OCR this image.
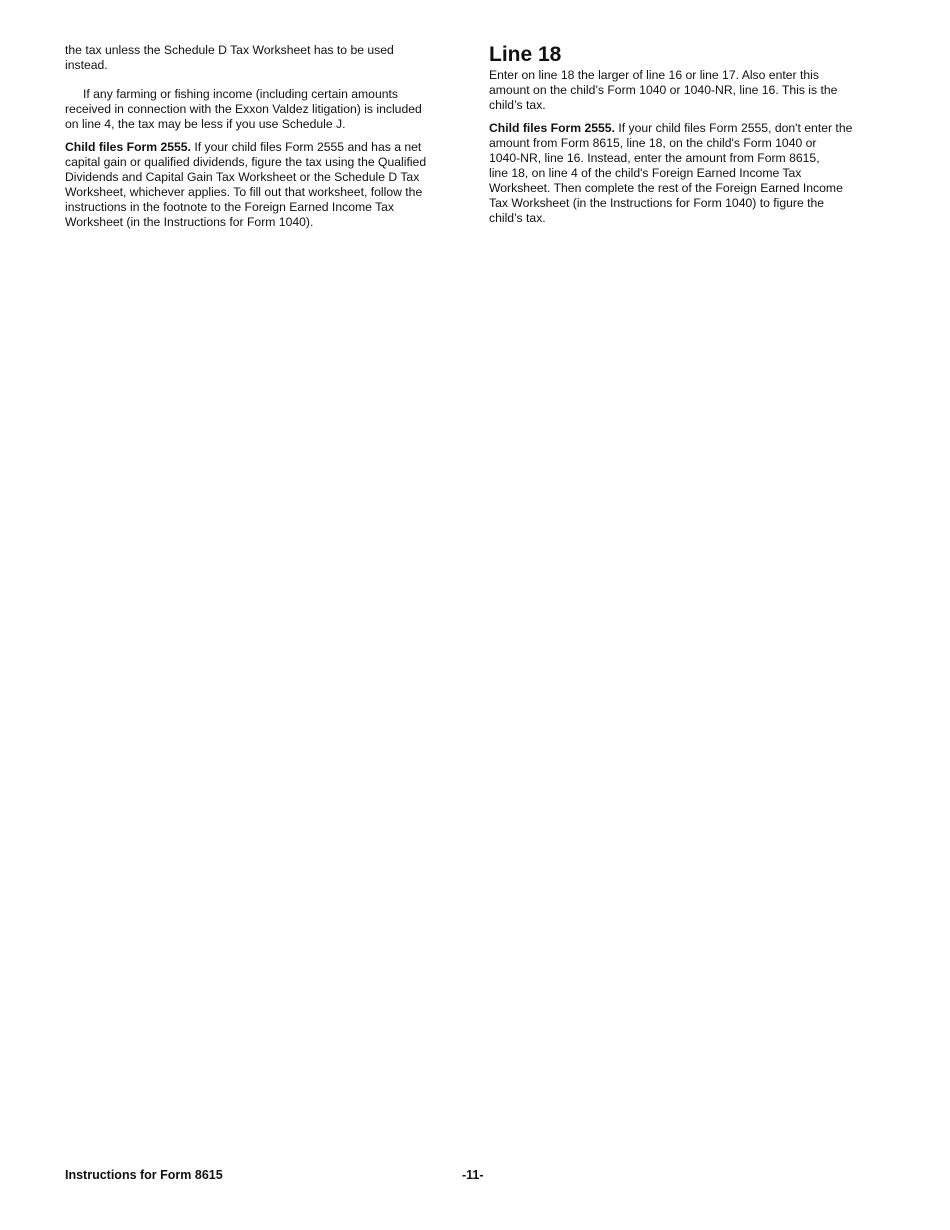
the tax unless the Schedule D Tax Worksheet has to be used
instead.
If any farming or fishing income (including certain amounts
received in connection with the Exxon Valdez litigation) is included
on line 4, the tax may be less if you use Schedule J.
Child files Form 2555. If your child files Form 2555 and has a net
capital gain or qualified dividends, figure the tax using the Qualified
Dividends and Capital Gain Tax Worksheet or the Schedule D Tax
Worksheet, whichever applies. To fill out that worksheet, follow the
instructions in the footnote to the Foreign Earned Income Tax
Worksheet (in the Instructions for Form 1040).
Line 18
Enter on line 18 the larger of line 16 or line 17. Also enter this
amount on the child’s Form 1040 or 1040-NR, line 16. This is the
child’s tax.
Child files Form 2555. If your child files Form 2555, don't enter the
amount from Form 8615, line 18, on the child's Form 1040 or
1040-NR, line 16. Instead, enter the amount from Form 8615,
line 18, on line 4 of the child's Foreign Earned Income Tax
Worksheet. Then complete the rest of the Foreign Earned Income
Tax Worksheet (in the Instructions for Form 1040) to figure the
child’s tax.
Instructions for Form 8615	-11-
